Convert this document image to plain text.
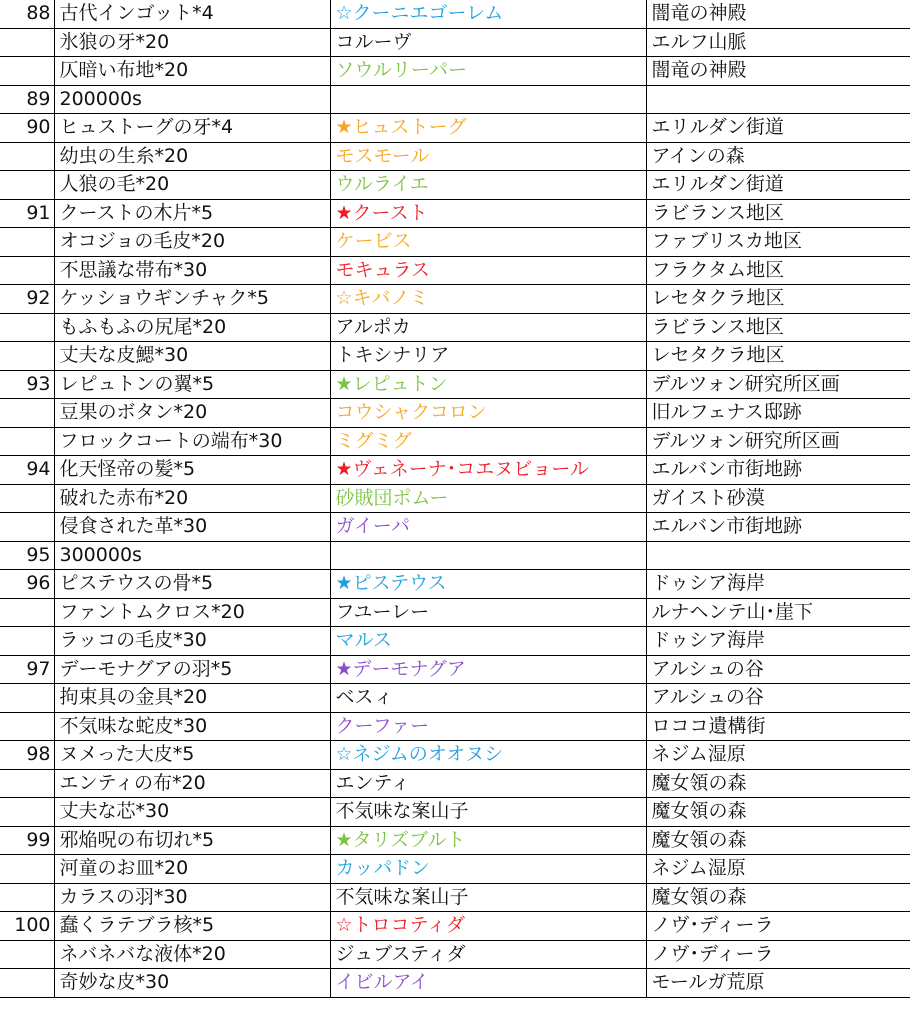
88	古代インゴット*4	☆クーニエゴーレム	闇竜の神殿
	氷狼の牙*20	コルーヴ	エルフ山脈
	仄暗い布地*20	ソウルリーパー	闇竜の神殿
89	200000s		
90	ヒュストーグの牙*4	★ヒュストーグ	エリルダン街道
	幼虫の生糸*20	モスモール	アインの森
	人狼の毛*20	ウルライエ	エリルダン街道
91	クーストの木片*5	★クースト	ラビランス地区
	オコジョの毛皮*20	ケービス	ファブリスカ地区
	不思議な帯布*30	モキュラス	フラクタム地区
92	ケッショウギンチャク*5	☆キバノミ	レセタクラ地区
	もふもふの尻尾*20	アルポカ	ラビランス地区
	丈夫な皮鰓*30	トキシナリア	レセタクラ地区
93	レピュトンの翼*5	★レピュトン	デルツォン研究所区画
	豆果のボタン*20	コウシャクコロン	旧ルフェナス邸跡
	フロックコートの端布*30	ミグミグ	デルツォン研究所区画
94	化天怪帝の髪*5	★ヴェネーナ･コエヌビョール	エルバン市街地跡
	破れた赤布*20	砂賊団ポムー	ガイスト砂漠
	侵食された革*30	ガイーパ	エルバン市街地跡
95	300000s		
96	ピステウスの骨*5	★ピステウス	ドゥシア海岸
	ファントムクロス*20	フユーレー	ルナヘンテ山･崖下
	ラッコの毛皮*30	マルス	ドゥシア海岸
97	デーモナグアの羽*5	★デーモナグア	アルシュの谷
	拘束具の金具*20	ベスィ	アルシュの谷
	不気味な蛇皮*30	クーファー	ロココ遺構街
98	ヌメった大皮*5	☆ネジムのオオヌシ	ネジム湿原
	エンティの布*20	エンティ	魔女領の森
	丈夫な芯*30	不気味な案山子	魔女領の森
99	邪焔呪の布切れ*5	★タリズブルト	魔女領の森
	河童のお皿*20	カッパドン	ネジム湿原
	カラスの羽*30	不気味な案山子	魔女領の森
100	蠢くラテブラ核*5	☆トロコティダ	ノヴ･ディーラ
	ネバネバな液体*20	ジュブスティダ	ノヴ･ディーラ
	奇妙な皮*30	イビルアイ	モールガ荒原
